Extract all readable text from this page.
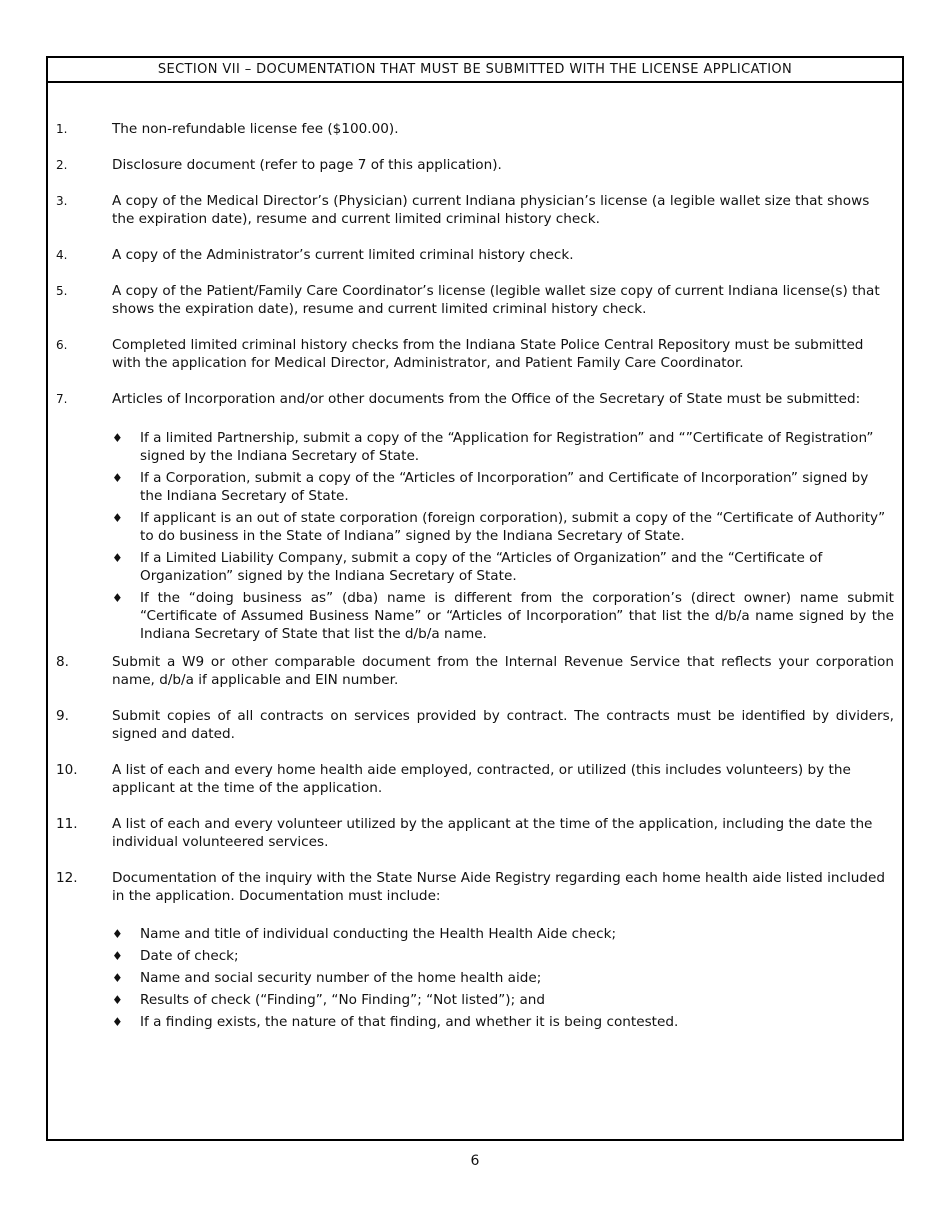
SECTION VII – DOCUMENTATION THAT MUST BE SUBMITTED WITH THE LICENSE APPLICATION
1.	The non-refundable license fee ($100.00).
2.	Disclosure document (refer to page 7 of this application).
3.	A copy of the Medical Director’s (Physician) current Indiana physician’s license (a legible wallet size that shows the expiration date), resume and current limited criminal history check.
4.	A copy of the Administrator’s current limited criminal history check.
5.	A copy of the Patient/Family Care Coordinator’s license (legible wallet size copy of current Indiana license(s) that shows the expiration date), resume and current limited criminal history check.
6.	Completed limited criminal history checks from the Indiana State Police Central Repository must be submitted with the application for Medical Director, Administrator, and Patient Family Care Coordinator.
7.	Articles of Incorporation and/or other documents from the Office of the Secretary of State must be submitted:
♦ If a limited Partnership, submit a copy of the “Application for Registration” and “”Certificate of Registration” signed by the Indiana Secretary of State.
♦ If a Corporation, submit a copy of the “Articles of Incorporation” and Certificate of Incorporation” signed by the Indiana Secretary of State.
♦ If applicant is an out of state corporation (foreign corporation), submit a copy of the “Certificate of Authority” to do business in the State of Indiana” signed by the Indiana Secretary of State.
♦ If a Limited Liability Company, submit a copy of the “Articles of Organization” and the “Certificate of Organization” signed by the Indiana Secretary of State.
♦ If the “doing business as” (dba) name is different from the corporation’s (direct owner) name submit “Certificate of Assumed Business Name” or “Articles of Incorporation” that list the d/b/a name signed by the Indiana Secretary of State that list the d/b/a name.
8.	Submit a W9 or other comparable document from the Internal Revenue Service that reflects your corporation name, d/b/a if applicable and EIN number.
9.	Submit copies of all contracts on services provided by contract. The contracts must be identified by dividers, signed and dated.
10.	A list of each and every home health aide employed, contracted, or utilized (this includes volunteers) by the applicant at the time of the application.
11.	A list of each and every volunteer utilized by the applicant at the time of the application, including the date the individual volunteered services.
12.	Documentation of the inquiry with the State Nurse Aide Registry regarding each home health aide listed included in the application. Documentation must include:
♦ Name and title of individual conducting the Health Health Aide check;
♦ Date of check;
♦ Name and social security number of the home health aide;
♦ Results of check (“Finding”, “No Finding”; “Not listed”); and
♦ If a finding exists, the nature of that finding, and whether it is being contested.
6
